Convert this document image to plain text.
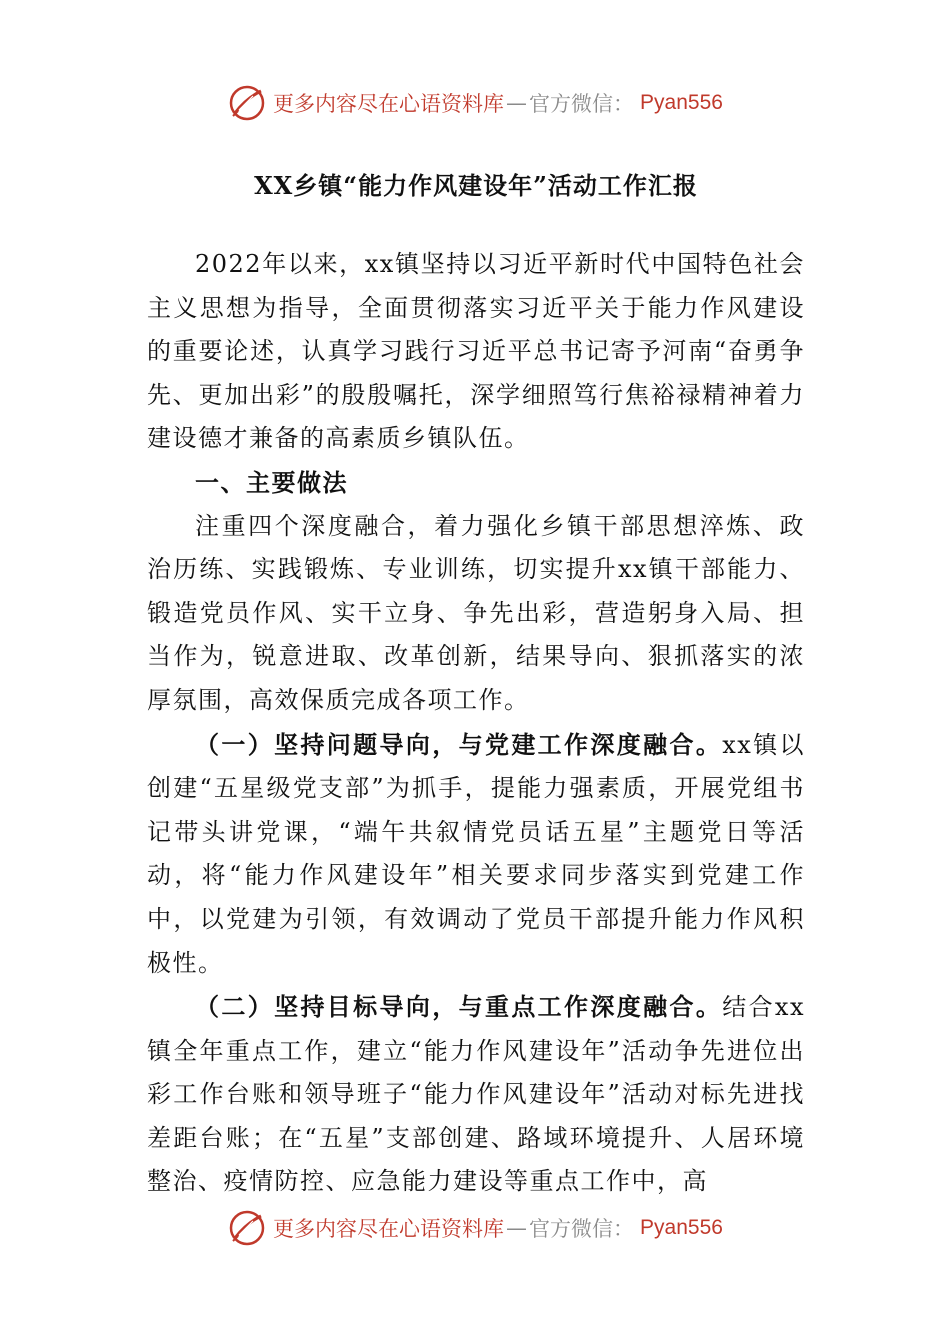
更多内容尽在心语资料库 — 官方微信： Pyan556
XX乡镇“能力作风建设年”活动工作汇报

2022年以来，xx镇坚持以习近平新时代中国特色社会主义思想为指导，全面贯彻落实习近平关于能力作风建设的重要论述，认真学习践行习近平总书记寄予河南“奋勇争先、更加出彩”的殷殷嘱托，深学细照笃行焦裕禄精神着力建设德才兼备的高素质乡镇队伍。

一、主要做法

注重四个深度融合，着力强化乡镇干部思想淬炼、政治历练、实践锻炼、专业训练，切实提升xx镇干部能力、锻造党员作风、实干立身、争先出彩，营造躬身入局、担当作为，锐意进取、改革创新，结果导向、狠抓落实的浓厚氛围，高效保质完成各项工作。

（一）坚持问题导向，与党建工作深度融合。xx镇以创建“五星级党支部”为抓手，提能力强素质，开展党组书记带头讲党课，“端午共叙情党员话五星”主题党日等活动，将“能力作风建设年”相关要求同步落实到党建工作中，以党建为引领，有效调动了党员干部提升能力作风积极性。

（二）坚持目标导向，与重点工作深度融合。结合xx镇全年重点工作，建立“能力作风建设年”活动争先进位出彩工作台账和领导班子“能力作风建设年”活动对标先进找差距台账；在“五星”支部创建、路域环境提升、人居环境整治、疫情防控、应急能力建设等重点工作中，高

更多内容尽在心语资料库 — 官方微信： Pyan556
